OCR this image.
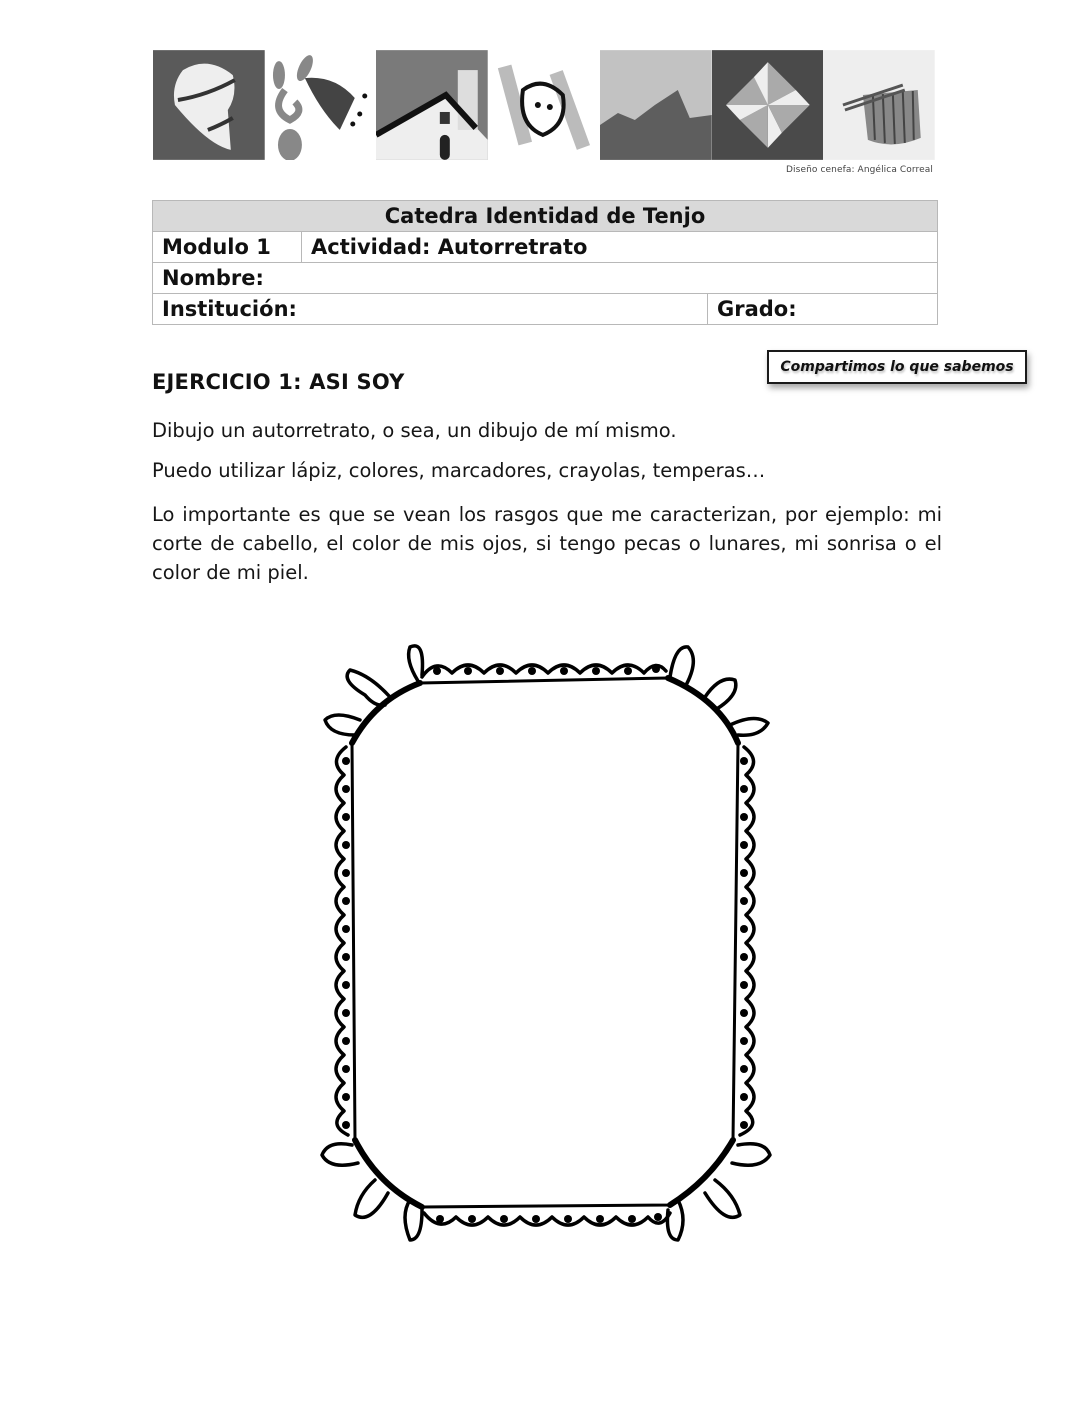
Diseño cenefa: Angélica Correal
Catedra Identidad de Tenjo		
Modulo 1	Actividad: Autorretrato	
Nombre:		
Institución:		Grado:
Compartimos lo que sabemos
EJERCICIO 1: ASI SOY
Dibujo un autorretrato, o sea, un dibujo de mí mismo.
Puedo utilizar lápiz, colores, marcadores, crayolas, temperas…
Lo importante es que se vean los rasgos que me caracterizan, por ejemplo: mi corte de cabello, el color de mis ojos, si tengo pecas o lunares, mi sonrisa o el color de mi piel.
